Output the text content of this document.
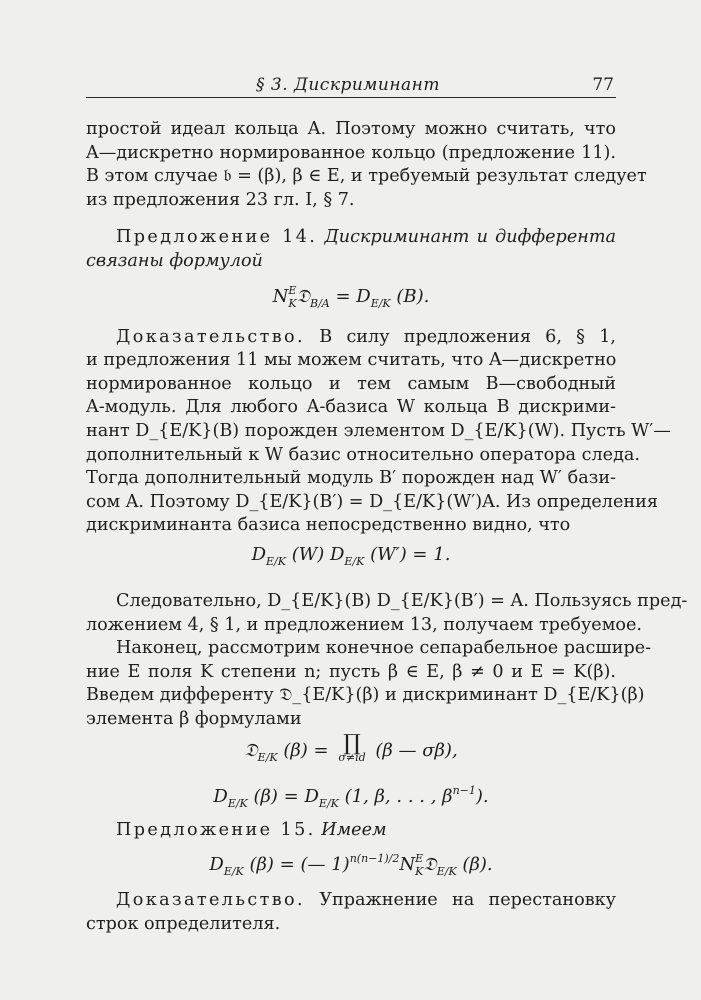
§ 3. Дискриминант	77
простой идеал кольца A. Поэтому можно считать, что
A—дискретно нормированное кольцо (предложение 11).
В этом случае 𝔟 = (β), β ∈ E, и требуемый результат следует
из предложения 23 гл. I, § 7.
Предложение 14. Дискриминант и дифферента
связаны формулой
$N^E_K𝔇_{B/A} = D_{E/K}$ (B).
Доказательство. В силу предложения 6, § 1,
и предложения 11 мы можем считать, что A—дискретно
нормированное кольцо и тем самым B—свободный
A-модуль. Для любого A-базиса W кольца B дискрими-
нант D_{E/K}(B) порожден элементом D_{E/K}(W). Пусть W′—
дополнительный к W базис относительно оператора следа.
Тогда дополнительный модуль B′ порожден над W′ бази-
сом A. Поэтому D_{E/K}(B′) = D_{E/K}(W′)A. Из определения
дискриминанта базиса непосредственно видно, что
$D_{E/K}$ (W) $D_{E/K}$ (W′) = 1.
Следовательно, D_{E/K}(B) D_{E/K}(B′) = A. Пользуясь пред-
ложением 4, § 1, и предложением 13, получаем требуемое.
Наконец, рассмотрим конечное сепарабельное расшире-
ние E поля K степени n; пусть β ∈ E, β ≠ 0 и E = K(β).
Введем дифференту 𝔇_{E/K}(β) и дискриминант D_{E/K}(β)
элемента β формулами
𝔇$_{E/K}$ (β) = ∏
σ≠id (β — σβ),
$D_{E/K}$ $(\beta) = D_{E/K}$ (1, β, . . . , $\beta^{n-1}$).
Предложение 15. Имеем
$D_{E/K}$ (β) = (— $1)^{n(n-1)/2}N^E_K𝔇_{E/K}$ (β).
Доказательство. Упражнение на перестановку
строк определителя.
